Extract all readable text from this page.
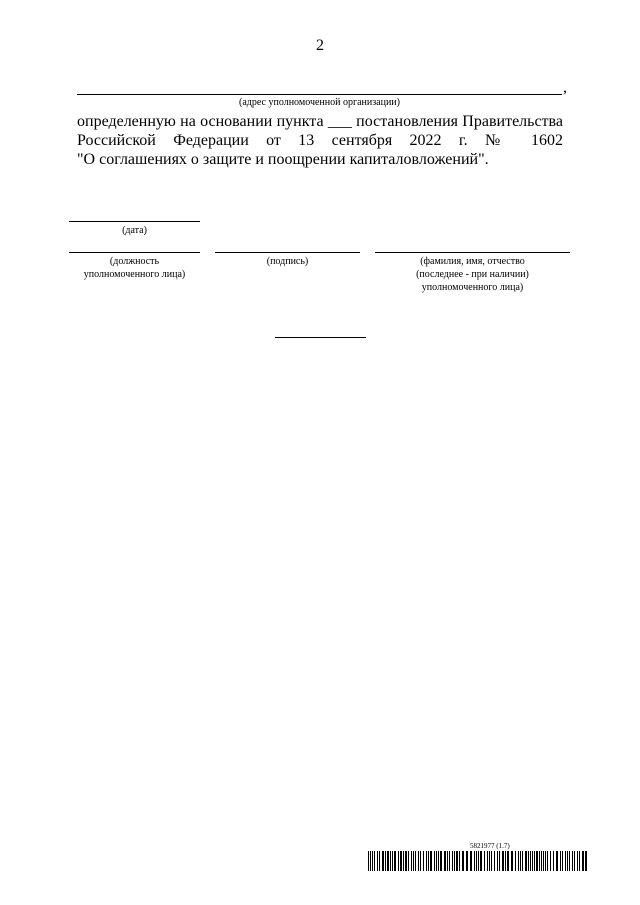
2
,
(адрес уполномоченной организации)
определенную на основании пункта ___ постановления Правительства
Российской Федерации от 13 сентября 2022 г. № 1602
"О соглашениях о защите и поощрении капиталовложений".
(дата)
(должность
уполномоченного лица)
(подпись)	(фамилия, имя, отчество
(последнее - при наличии)
уполномоченного лица)
5821977 (1.7)
